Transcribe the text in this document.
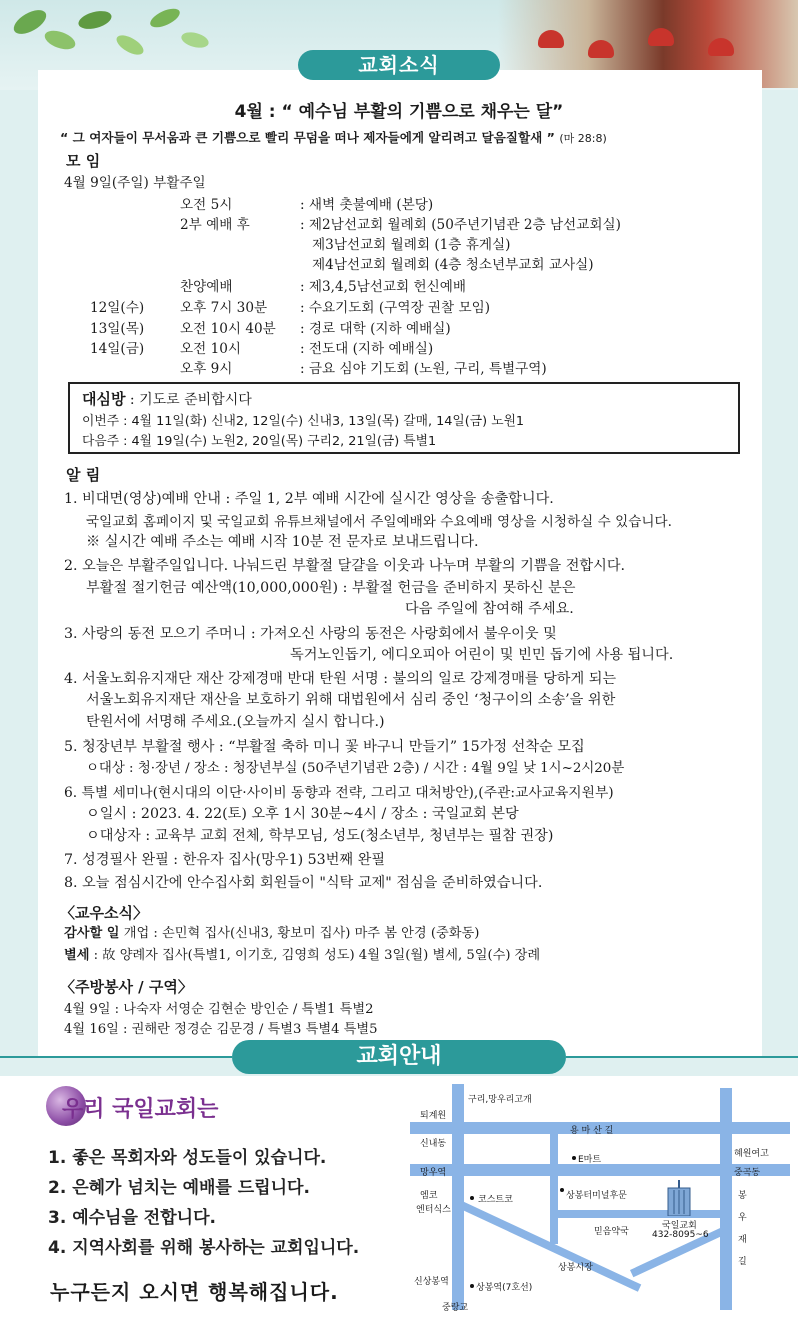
교회소식
4월 : “ 예수님 부활의 기쁨으로 채우는 달”
“ 그 여자들이 무서움과 큰 기쁨으로 빨리 무덤을 떠나 제자들에게 알리려고 달음질할새 ” (마 28:8)
모 임
4월 9일(주일) 부활주일
오전 5시	: 새벽 촛불예배 (본당)
2부 예배 후	: 제2남선교회 월례회 (50주년기념관 2층 남선교회실)
제3남선교회 월례회 (1층 휴게실)
제4남선교회 월례회 (4층 청소년부교회 교사실)
찬양예배	: 제3,4,5남선교회 헌신예배
12일(수)	오후 7시 30분 : 수요기도회 (구역장 권찰 모임)
13일(목)	오전 10시 40분 : 경로 대학 (지하 예배실)
14일(금)	오전 10시	: 전도대 (지하 예배실)
오후 9시	: 금요 심야 기도회 (노원, 구리, 특별구역)
대심방 : 기도로 준비합시다
이번주 : 4월 11일(화) 신내2, 12일(수) 신내3, 13일(목) 갈매, 14일(금) 노원1
다음주 : 4월 19일(수) 노원2, 20일(목) 구리2, 21일(금) 특별1
알 림
1. 비대면(영상)예배 안내 : 주일 1, 2부 예배 시간에 실시간 영상을 송출합니다.
국일교회 홈페이지 및 국일교회 유튜브채널에서 주일예배와 수요예배 영상을 시청하실 수 있습니다.
※ 실시간 예배 주소는 예배 시작 10분 전 문자로 보내드립니다.
2. 오늘은 부활주일입니다. 나눠드린 부활절 달걀을 이웃과 나누며 부활의 기쁨을 전합시다.
부활절 절기헌금 예산액(10,000,000원) : 부활절 헌금을 준비하지 못하신 분은
다음 주일에 참여해 주세요.
3. 사랑의 동전 모으기 주머니 : 가져오신 사랑의 동전은 사랑회에서 불우이웃 및
독거노인돕기, 에디오피아 어린이 및 빈민 돕기에 사용 됩니다.
4. 서울노회유지재단 재산 강제경매 반대 탄원 서명 : 불의의 일로 강제경매를 당하게 되는
서울노회유지재단 재산을 보호하기 위해 대법원에서 심리 중인 ‘청구이의 소송’을 위한
탄원서에 서명해 주세요.(오늘까지 실시 합니다.)
5. 청장년부 부활절 행사 : “부활절 축하 미니 꽃 바구니 만들기” 15가정 선착순 모집
ㅇ대상 : 청·장년 / 장소 : 청장년부실 (50주년기념관 2층) / 시간 : 4월 9일 낮 1시~2시20분
6. 특별 세미나(현시대의 이단·사이비 동향과 전략, 그리고 대처방안),(주관:교사교육지원부)
ㅇ일시 : 2023. 4. 22(토) 오후 1시 30분~4시 / 장소 : 국일교회 본당
ㅇ대상자 : 교육부 교회 전체, 학부모님, 성도(청소년부, 청년부는 필참 권장)
7. 성경필사 완필 : 한유자 집사(망우1) 53번째 완필
8. 오늘 점심시간에 안수집사회 회원들이 "식탁 교제" 점심을 준비하였습니다.
〈교우소식〉
감사할 일 개업 : 손민혁 집사(신내3, 황보미 집사) 마주 봄 안경 (중화동)
별세 : 故 양례자 집사(특별1, 이기호, 김영희 성도) 4월 3일(월) 별세, 5일(수) 장례
〈주방봉사 / 구역〉
4월 9일 : 나숙자 서영순 김현순 방인순 / 특별1 특별2
4월 16일 : 권해란 정경순 김문경 / 특별3 특별4 특별5
교회안내
우리 국일교회는
1. 좋은 목회자와 성도들이 있습니다.
2. 은혜가 넘치는 예배를 드립니다.
3. 예수님을 전합니다.
4. 지역사회를 위해 봉사하는 교회입니다.
누구든지 오시면 행복해집니다.
구리,망우리고개
퇴계원
용 마 산 길
신내동
혜원여고
E마트
망우역	중곡동
엠코
엔터식스
코스트코	상봉터미널후문
믿음약국
국일교회
432-8095~6
봉
우
재
길
상봉시장
신상봉역
상봉역(7호선)
중랑교
